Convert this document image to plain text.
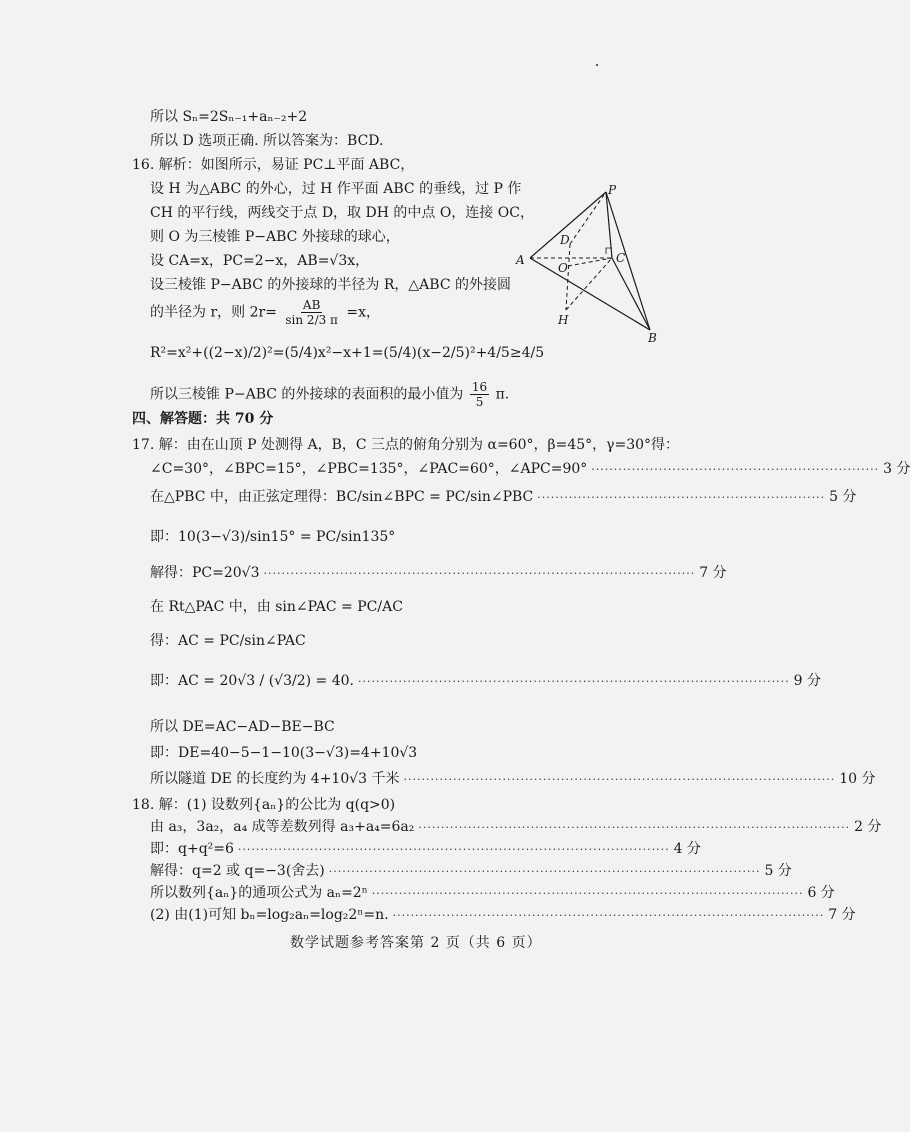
所以 Sₙ=2Sₙ₋₁+aₙ₋₂+2
所以 D 选项正确. 所以答案为：BCD.
16. 解析：如图所示，易证 PC⊥平面 ABC，
设 H 为△ABC 的外心，过 H 作平面 ABC 的垂线，过 P 作
CH 的平行线，两线交于点 D，取 DH 的中点 O，连接 OC，
则 O 为三棱锥 P−ABC 外接球的球心，
设 CA=x，PC=2−x，AB=√3x，
设三棱锥 P−ABC 的外接球的半径为 R，△ABC 的外接圆
的半径为 r，则 $2r= \frac{AB}{\sin 2/3 \pi} =x$，
R²=x²+((2−x)/2)²=(5/4)x²−x+1=(5/4)(x−2/5)²+4/5≥4/5
所以三棱锥 P−ABC 的外接球的表面积的最小值为 $\frac{16}{5} \pi$.
P
A
B
C
D
O
H
四、解答题：共 70 分
17. 解：由在山顶 P 处测得 A，B，C 三点的俯角分别为 α=60°，β=45°，γ=30°得：
∠C=30°，∠BPC=15°，∠PBC=135°，∠PAC=60°，∠APC=90° ································································ 3 分
在△PBC 中，由正弦定理得：BC/sin∠BPC = PC/sin∠PBC ································································ 5 分
即：10(3−√3)/sin15° = PC/sin135°
解得：PC=20√3 ································································································ 7 分
在 Rt△PAC 中，由 sin∠PAC = PC/AC
得：AC = PC/sin∠PAC
即：AC = 20√3 / (√3/2) = 40. ································································································ 9 分
所以 DE=AC−AD−BE−BC
即：DE=40−5−1−10(3−√3)=4+10√3
所以隧道 DE 的长度约为 4+10√3 千米 ································································································ 10 分
18. 解：(1) 设数列{aₙ}的公比为 q(q>0)
由 a₃，3a₂，a₄ 成等差数列得 a₃+a₄=6a₂ ································································································ 2 分
即：q+q²=6 ································································································ 4 分
解得：q=2 或 q=−3(舍去) ································································································ 5 分
所以数列{aₙ}的通项公式为 aₙ=2ⁿ ································································································ 6 分
(2) 由(1)可知 bₙ=log₂aₙ=log₂2ⁿ=n. ································································································ 7 分
数学试题参考答案第 2 页（共 6 页）
